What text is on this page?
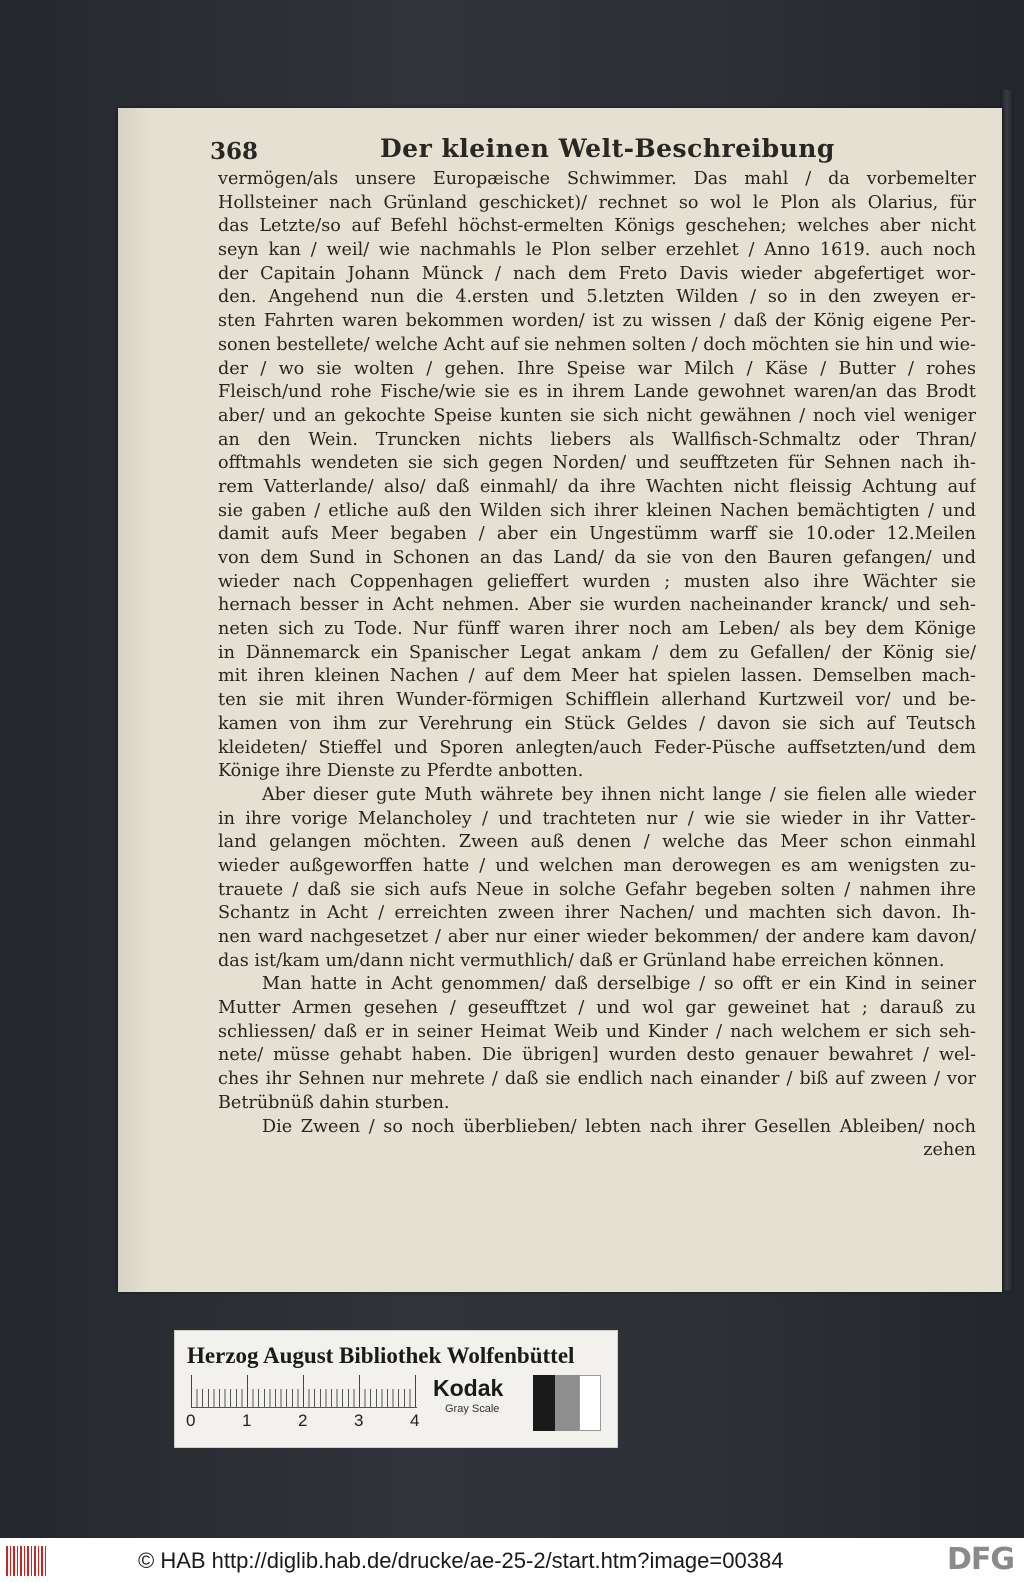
368	Der kleinen Welt-Beschreibung
vermögen/als unsere Europæische Schwimmer. Das mahl / da vorbemelter
Hollsteiner nach Grünland geschicket)/ rechnet so wol le Plon als Olarius, für
das Letzte/so auf Befehl höchst-ermelten Königs geschehen; welches aber nicht
seyn kan / weil/ wie nachmahls le Plon selber erzehlet / Anno 1619. auch noch
der Capitain Johann Münck / nach dem Freto Davis wieder abgefertiget wor-
den. Angehend nun die 4.ersten und 5.letzten Wilden / so in den zweyen er-
sten Fahrten waren bekommen worden/ ist zu wissen / daß der König eigene Per-
sonen bestellete/ welche Acht auf sie nehmen solten / doch möchten sie hin und wie-
der / wo sie wolten / gehen. Ihre Speise war Milch / Käse / Butter / rohes
Fleisch/und rohe Fische/wie sie es in ihrem Lande gewohnet waren/an das Brodt
aber/ und an gekochte Speise kunten sie sich nicht gewähnen / noch viel weniger
an den Wein. Truncken nichts liebers als Wallfisch-Schmaltz oder Thran/
offtmahls wendeten sie sich gegen Norden/ und seufftzeten für Sehnen nach ih-
rem Vatterlande/ also/ daß einmahl/ da ihre Wachten nicht fleissig Achtung auf
sie gaben / etliche auß den Wilden sich ihrer kleinen Nachen bemächtigten / und
damit aufs Meer begaben / aber ein Ungestümm warff sie 10.oder 12.Meilen
von dem Sund in Schonen an das Land/ da sie von den Bauren gefangen/ und
wieder nach Coppenhagen gelieffert wurden ; musten also ihre Wächter sie
hernach besser in Acht nehmen. Aber sie wurden nacheinander kranck/ und seh-
neten sich zu Tode. Nur fünff waren ihrer noch am Leben/ als bey dem Könige
in Dännemarck ein Spanischer Legat ankam / dem zu Gefallen/ der König sie/
mit ihren kleinen Nachen / auf dem Meer hat spielen lassen. Demselben mach-
ten sie mit ihren Wunder-förmigen Schifflein allerhand Kurtzweil vor/ und be-
kamen von ihm zur Verehrung ein Stück Geldes / davon sie sich auf Teutsch
kleideten/ Stieffel und Sporen anlegten/auch Feder-Püsche auffsetzten/und dem
Könige ihre Dienste zu Pferdte anbotten.
Aber dieser gute Muth währete bey ihnen nicht lange / sie fielen alle wieder
in ihre vorige Melancholey / und trachteten nur / wie sie wieder in ihr Vatter-
land gelangen möchten. Zween auß denen / welche das Meer schon einmahl
wieder außgeworffen hatte / und welchen man derowegen es am wenigsten zu-
trauete / daß sie sich aufs Neue in solche Gefahr begeben solten / nahmen ihre
Schantz in Acht / erreichten zween ihrer Nachen/ und machten sich davon. Ih-
nen ward nachgesetzet / aber nur einer wieder bekommen/ der andere kam davon/
das ist/kam um/dann nicht vermuthlich/ daß er Grünland habe erreichen können.
Man hatte in Acht genommen/ daß derselbige / so offt er ein Kind in seiner
Mutter Armen gesehen / geseufftzet / und wol gar geweinet hat ; darauß zu
schliessen/ daß er in seiner Heimat Weib und Kinder / nach welchem er sich seh-
nete/ müsse gehabt haben. Die übrigen] wurden desto genauer bewahret / wel-
ches ihr Sehnen nur mehrete / daß sie endlich nach einander / biß auf zween / vor
Betrübnüß dahin sturben.
Die Zween / so noch überblieben/ lebten nach ihrer Gesellen Ableiben/ noch
zehen
Herzog August Bibliothek Wolfenbüttel
Kodak
Gray Scale
0	1	2	3	4
© HAB http://diglib.hab.de/drucke/ae-25-2/start.htm?image=00384	DFG
